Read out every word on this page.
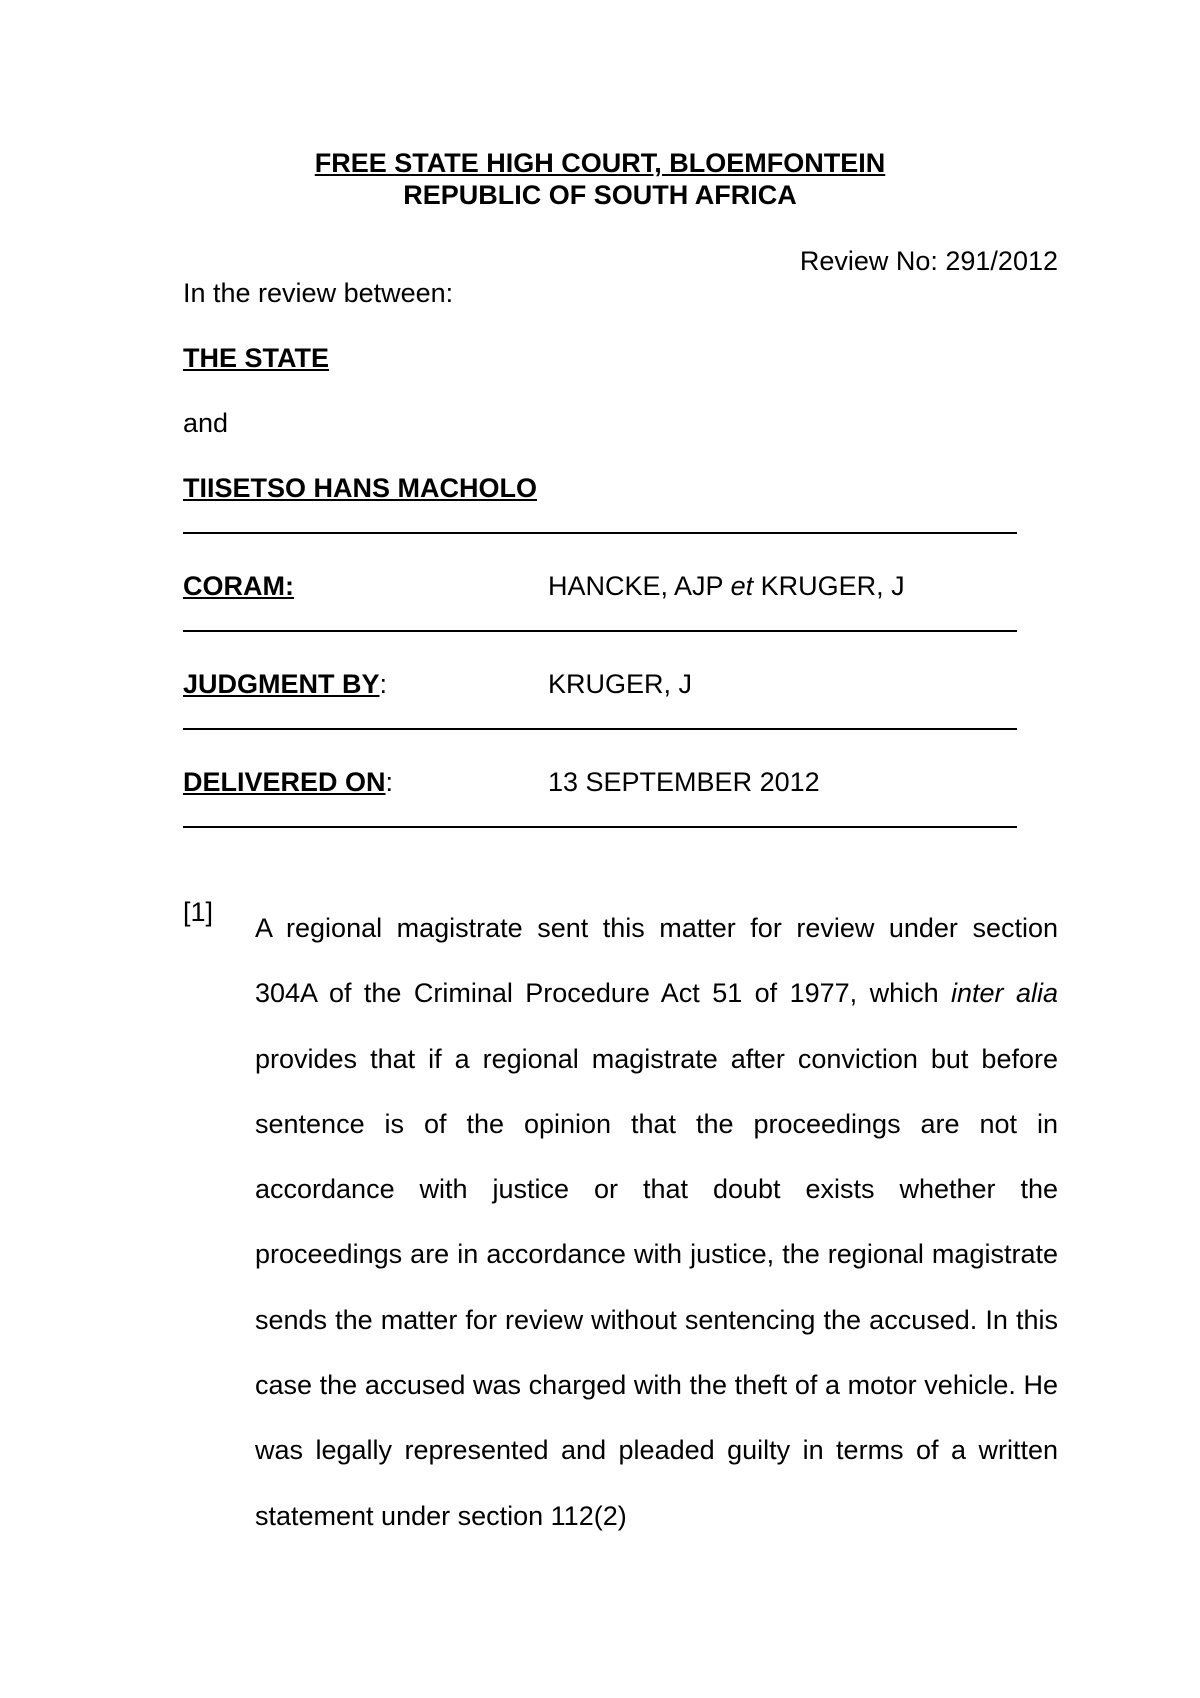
FREE STATE HIGH COURT, BLOEMFONTEIN
REPUBLIC OF SOUTH AFRICA
Review No: 291/2012
In the review between:
THE STATE
and
TIISETSO HANS MACHOLO
CORAM:	HANCKE, AJP et KRUGER, J
JUDGMENT BY:	KRUGER, J
DELIVERED ON:	13 SEPTEMBER 2012
[1]

A regional magistrate sent this matter for review under section 304A of the Criminal Procedure Act 51 of 1977, which inter alia provides that if a regional magistrate after conviction but before sentence is of the opinion that the proceedings are not in accordance with justice or that doubt exists whether the proceedings are in accordance with justice, the regional magistrate sends the matter for review without sentencing the accused. In this case the accused was charged with the theft of a motor vehicle. He was legally represented and pleaded guilty in terms of a written statement under section 112(2)
